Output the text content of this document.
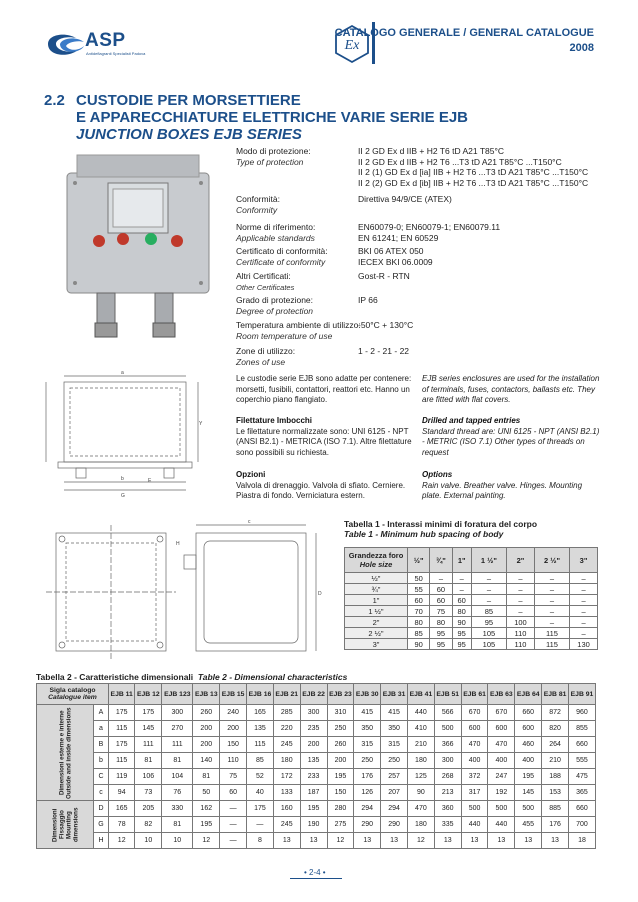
ASP
Antideflagranti Specialisti Padova
Ex
CATALOGO GENERALE / GENERAL CATALOGUE
2008
2.2 CUSTODIE PER MORSETTIERE
E APPARECCHIATURE ELETTRICHE VARIE SERIE EJB
JUNCTION BOXES EJB SERIES
Modo di protezione:
Type of protection
II 2 GD Ex d IIB + H2 T6 tD A21 T85°C
II 2 GD Ex d IIB + H2 T6 ...T3 tD A21 T85°C ...T150°C
II 2 (1) GD Ex d [ia] IIB + H2 T6 ...T3 tD A21 T85°C ...T150°C
II 2 (2) GD Ex d [ib] IIB + H2 T6 ...T3 tD A21 T85°C ...T150°C
Conformità:
Conformity
Direttiva 94/9/CE (ATEX)
Norme di riferimento:
Applicable standards
EN60079-0; EN60079-1; EN60079.11
EN 61241; EN 60529
Certificato di conformità:
Certificate of conformity
BKI 06 ATEX 050
IECEX BKI 06.0009
Altri Certificati:
Other Certificates
Gost-R - RTN
Grado di protezione:
Degree of protection
IP 66
Temperatura ambiente di utilizzo:
Room temperature of use
-50°C + 130°C
Zone di utilizzo:
Zones of use
1 - 2 - 21 - 22
Le custodie serie EJB sono adatte per contenere: morsetti, fusibili, contattori, reattori etc. Hanno un coperchio piano flangiato.
EJB series enclosures are used for the installation of terminals, fuses, contactors, ballasts etc. They are fitted with flat covers.
Filettature Imbocchi
Le filettature normalizzate sono: UNI 6125 - NPT (ANSI B2.1) - METRICA (ISO 7.1). Altre filettature sono possibili su richiesta.
Drilled and tapped entries
Standard thread are: UNI 6125 - NPT (ANSI B2.1) - METRIC (ISO 7.1) Other types of threads on request
Opzioni
Valvola di drenaggio. Valvola di sfiato. Cerniere. Piastra di fondo. Verniciatura estern.
Options
Rain valve. Breather valve. Hinges. Mounting plate. External painting.
a
b
G
Y
E
c
D
H
Tabella 1 - Interassi minimi di foratura del corpo
Table 1 - Minimum hub spacing of body
Grandezza foro
Hole size	½"	¾"	1"	1 ½"	2"	2 ½"	3"
½"	50	–	–	–	–	–	–
¾"	55	60	–	–	–	–	–
1"	60	60	60	–	–	–	–
1 ½"	70	75	80	85	–	–	–
2"	80	80	90	95	100	–	–
2 ½"	85	95	95	105	110	115	–
3"	90	95	95	105	110	115	130
Tabella 2 - Caratteristiche dimensionali Table 2 - Dimensional characteristics
Sigla catalogo
Catalogue item		EJB 11	EJB 12	EJB 123	EJB 13	EJB 15	EJB 16	EJB 21	EJB 22	EJB 23	EJB 30	EJB 31	EJB 41	EJB 51	EJB 61	EJB 63	EJB 64	EJB 81	EJB 91
Dimensioni esterne e interne Outside and inside dimensions	A	175	175	300	260	240	165	285	300	310	415	415	440	566	670	670	660	872	960
	a	115	145	270	200	200	135	220	235	250	350	350	410	500	600	600	600	820	855
	B	175	111	111	200	150	115	245	200	260	315	315	210	366	470	470	460	264	660
	b	115	81	81	140	110	85	180	135	200	250	250	180	300	400	400	400	210	555
	C	119	106	104	81	75	52	172	233	195	176	257	125	268	372	247	195	188	475
	c	94	73	76	50	60	40	133	187	150	126	207	90	213	317	192	145	153	365
Dimensioni Fissaggio Mounting dimensions	D	165	205	330	162	—	175	160	195	280	294	294	470	360	500	500	500	885	660
	G	78	82	81	195	—	—	245	190	275	290	290	180	335	440	440	455	176	700
	H	12	10	10	12	—	8	13	13	12	13	13	12	13	13	13	13	13	18
• 2-4 •
